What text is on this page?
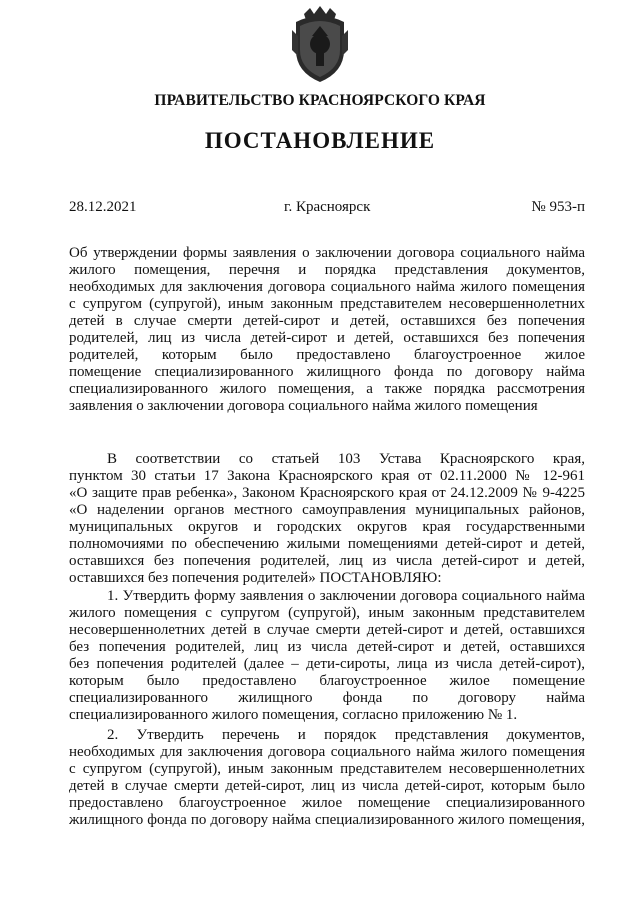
ПРАВИТЕЛЬСТВО КРАСНОЯРСКОГО КРАЯ
ПОСТАНОВЛЕНИЕ
28.12.2021	г. Красноярск	№ 953-п
Об утверждении формы заявления о заключении договора социального найма
жилого помещения, перечня и порядка представления документов,
необходимых для заключения договора социального найма жилого помещения
с супругом (супругой), иным законным представителем несовершеннолетних
детей в случае смерти детей-сирот и детей, оставшихся без попечения
родителей, лиц из числа детей-сирот и детей, оставшихся без попечения
родителей, которым было предоставлено благоустроенное жилое
помещение специализированного жилищного фонда по договору найма
специализированного жилого помещения, а также порядка рассмотрения
заявления о заключении договора социального найма жилого помещения
В соответствии со статьей 103 Устава Красноярского края,
пунктом 30 статьи 17 Закона Красноярского края от 02.11.2000 № 12-961
«О защите прав ребенка», Законом Красноярского края от 24.12.2009 № 9-4225
«О наделении органов местного самоуправления муниципальных районов,
муниципальных округов и городских округов края государственными
полномочиями по обеспечению жилыми помещениями детей-сирот и детей,
оставшихся без попечения родителей, лиц из числа детей-сирот и детей,
оставшихся без попечения родителей» ПОСТАНОВЛЯЮ:
1. Утвердить форму заявления о заключении договора социального найма
жилого помещения с супругом (супругой), иным законным представителем
несовершеннолетних детей в случае смерти детей-сирот и детей, оставшихся
без попечения родителей, лиц из числа детей-сирот и детей, оставшихся
без попечения родителей (далее – дети-сироты, лица из числа детей-сирот),
которым было предоставлено благоустроенное жилое помещение
специализированного жилищного фонда по договору найма
специализированного жилого помещения, согласно приложению № 1.
2. Утвердить перечень и порядок представления документов,
необходимых для заключения договора социального найма жилого помещения
с супругом (супругой), иным законным представителем несовершеннолетних
детей в случае смерти детей-сирот, лиц из числа детей-сирот, которым было
предоставлено благоустроенное жилое помещение специализированного
жилищного фонда по договору найма специализированного жилого помещения,
